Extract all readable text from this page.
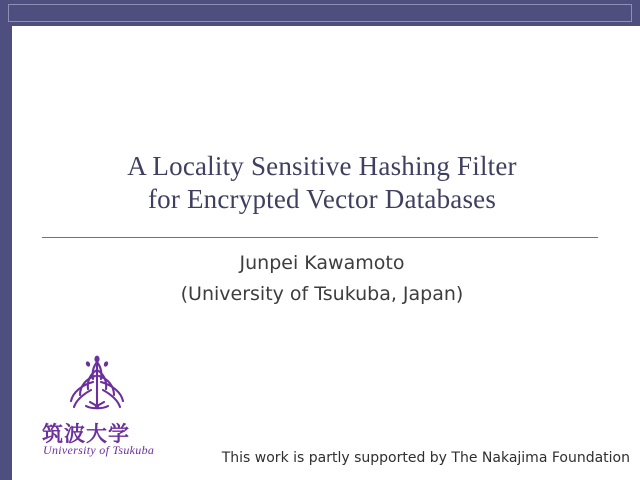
A Locality Sensitive Hashing Filter
for Encrypted Vector Databases
Junpei Kawamoto
(University of Tsukuba, Japan)
筑波大学
University of Tsukuba	This work is partly supported by The Nakajima Foundation
